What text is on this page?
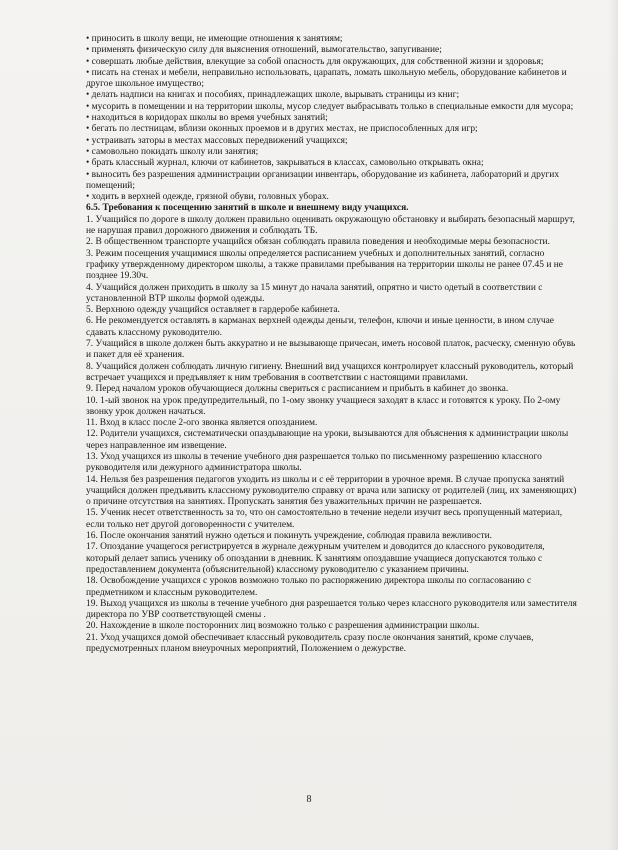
• приносить в школу вещи, не имеющие отношения к занятиям;

• применять физическую силу для выяснения отношений, вымогательство, запугивание;

• совершать любые действия, влекущие за собой опасность для окружающих, для собственной жизни и здоровья;

• писать на стенах и мебели, неправильно использовать, царапать, ломать школьную мебель, оборудование кабинетов и другое школьное имущество;

• делать надписи на книгах и пособиях, принадлежащих школе, вырывать страницы из книг;

• мусорить в помещении и на территории школы, мусор следует выбрасывать только в специальные емкости для мусора;

• находиться в коридорах школы во время учебных занятий;

• бегать по лестницам, вблизи оконных проемов и в других местах, не приспособленных для игр;

• устраивать заторы в местах массовых передвижений учащихся;

• самовольно покидать школу или занятия;

• брать классный журнал, ключи от кабинетов, закрываться в классах, самовольно открывать окна;

• выносить без разрешения администрации организации инвентарь, оборудование из кабинета, лабораторий и других помещений;

• ходить в верхней одежде, грязной обуви, головных уборах.

6.5. Требования к посещению занятий в школе и внешнему виду учащихся.

1. Учащийся по дороге в школу должен правильно оценивать окружающую обстановку и выбирать безопасный маршрут, не нарушая правил дорожного движения и соблюдать ТБ.

2. В общественном транспорте учащийся обязан соблюдать правила поведения и необходимые меры безопасности.

3. Режим посещения учащимися школы определяется расписанием учебных и дополнительных занятий, согласно графику утвержденному директором школы, а также правилами пребывания на территории школы не ранее 07.45 и не позднее 19.30ч.

4. Учащийся должен приходить в школу за 15 минут до начала занятий, опрятно и чисто одетый в соответствии с установленной ВТР школы формой одежды.

5. Верхнюю одежду учащийся оставляет в гардеробе кабинета.

6. Не рекомендуется оставлять в карманах верхней одежды деньги, телефон, ключи и иные ценности, в ином случае сдавать классному руководителю.

7. Учащийся в школе должен быть аккуратно и не вызывающе причесан, иметь носовой платок, расческу, сменную обувь и пакет для её хранения.

8. Учащийся должен соблюдать личную гигиену. Внешний вид учащихся контролирует классный руководитель, который встречает учащихся и предъявляет к ним требования в соответствии с настоящими правилами.

9. Перед началом уроков обучающиеся должны свериться с расписанием и прибыть в кабинет до звонка.

10. 1-ый звонок на урок предупредительный, по 1-ому звонку учащиеся заходят в класс и готовятся к уроку. По 2-ому звонку урок должен начаться.

11. Вход в класс после 2-ого звонка является опозданием.

12. Родители учащихся, систематически опаздывающие на уроки, вызываются для объяснения к администрации школы через направленное им извещение.

13. Уход учащихся из школы в течение учебного дня разрешается только по письменному разрешению классного руководителя или дежурного администратора школы.

14. Нельзя без разрешения педагогов уходить из школы и с её территории в урочное время. В случае пропуска занятий учащийся должен предъявить классному руководителю справку от врача или записку от родителей (лиц, их заменяющих) о причине отсутствия на занятиях. Пропускать занятия без уважительных причин не разрешается.

15. Ученик несет ответственность за то, что он самостоятельно в течение недели изучит весь пропущенный материал, если только нет другой договоренности с учителем.

16. После окончания занятий нужно одеться и покинуть учреждение, соблюдая правила вежливости.

17. Опоздание учащегося регистрируется в журнале дежурным учителем и доводится до классного руководителя, который делает запись ученику об опоздании в дневник. К занятиям опоздавшие учащиеся допускаются только с предоставлением документа (объяснительной) классному руководителю с указанием причины.

18. Освобождение учащихся с уроков возможно только по распоряжению директора школы по согласованию с предметником и классным руководителем.

19. Выход учащихся из школы в течение учебного дня разрешается только через классного руководителя или заместителя директора по УВР соответствующей смены .

20. Нахождение в школе посторонних лиц возможно только с разрешения администрации школы.

21. Уход учащихся домой обеспечивает классный руководитель сразу после окончания занятий, кроме случаев, предусмотренных планом внеурочных мероприятий, Положением о дежурстве.

8
